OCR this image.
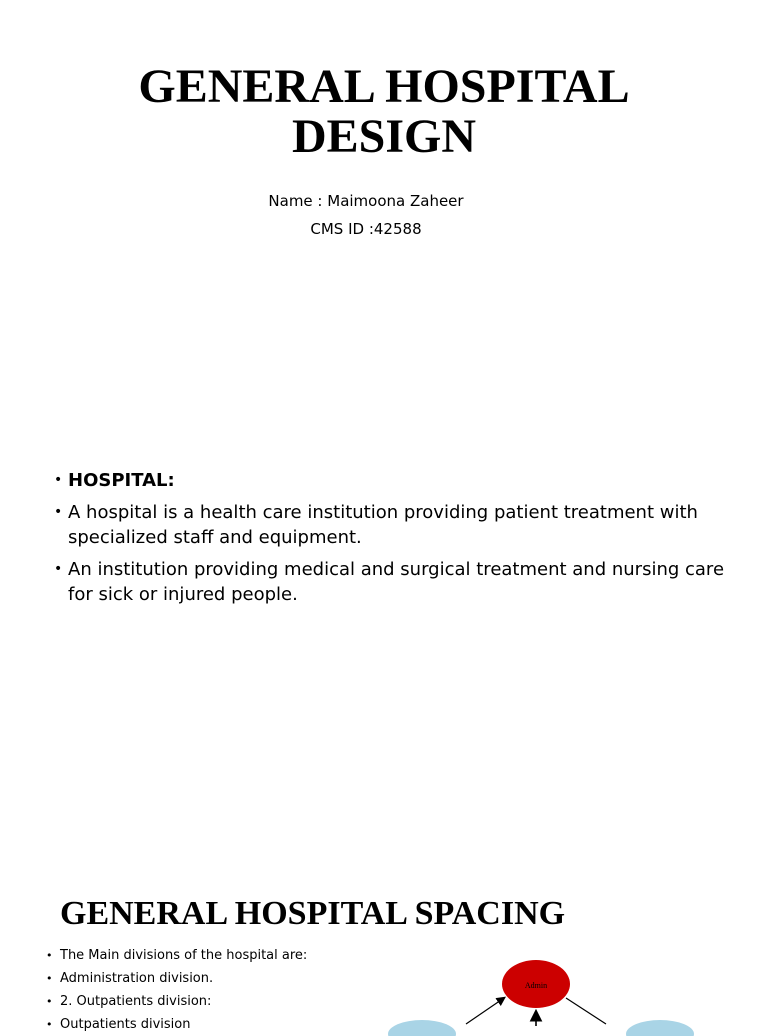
GENERAL HOSPITAL
DESIGN
Name : Maimoona Zaheer
CMS ID :42588
• HOSPITAL:
• A hospital is a health care institution providing patient treatment with specialized staff and equipment.
• An institution providing medical and surgical treatment and nursing care for sick or injured people.
GENERAL HOSPITAL SPACING
• The Main divisions of the hospital are:
• Administration division.
• 2. Outpatients division:
• Outpatients division
Admin
